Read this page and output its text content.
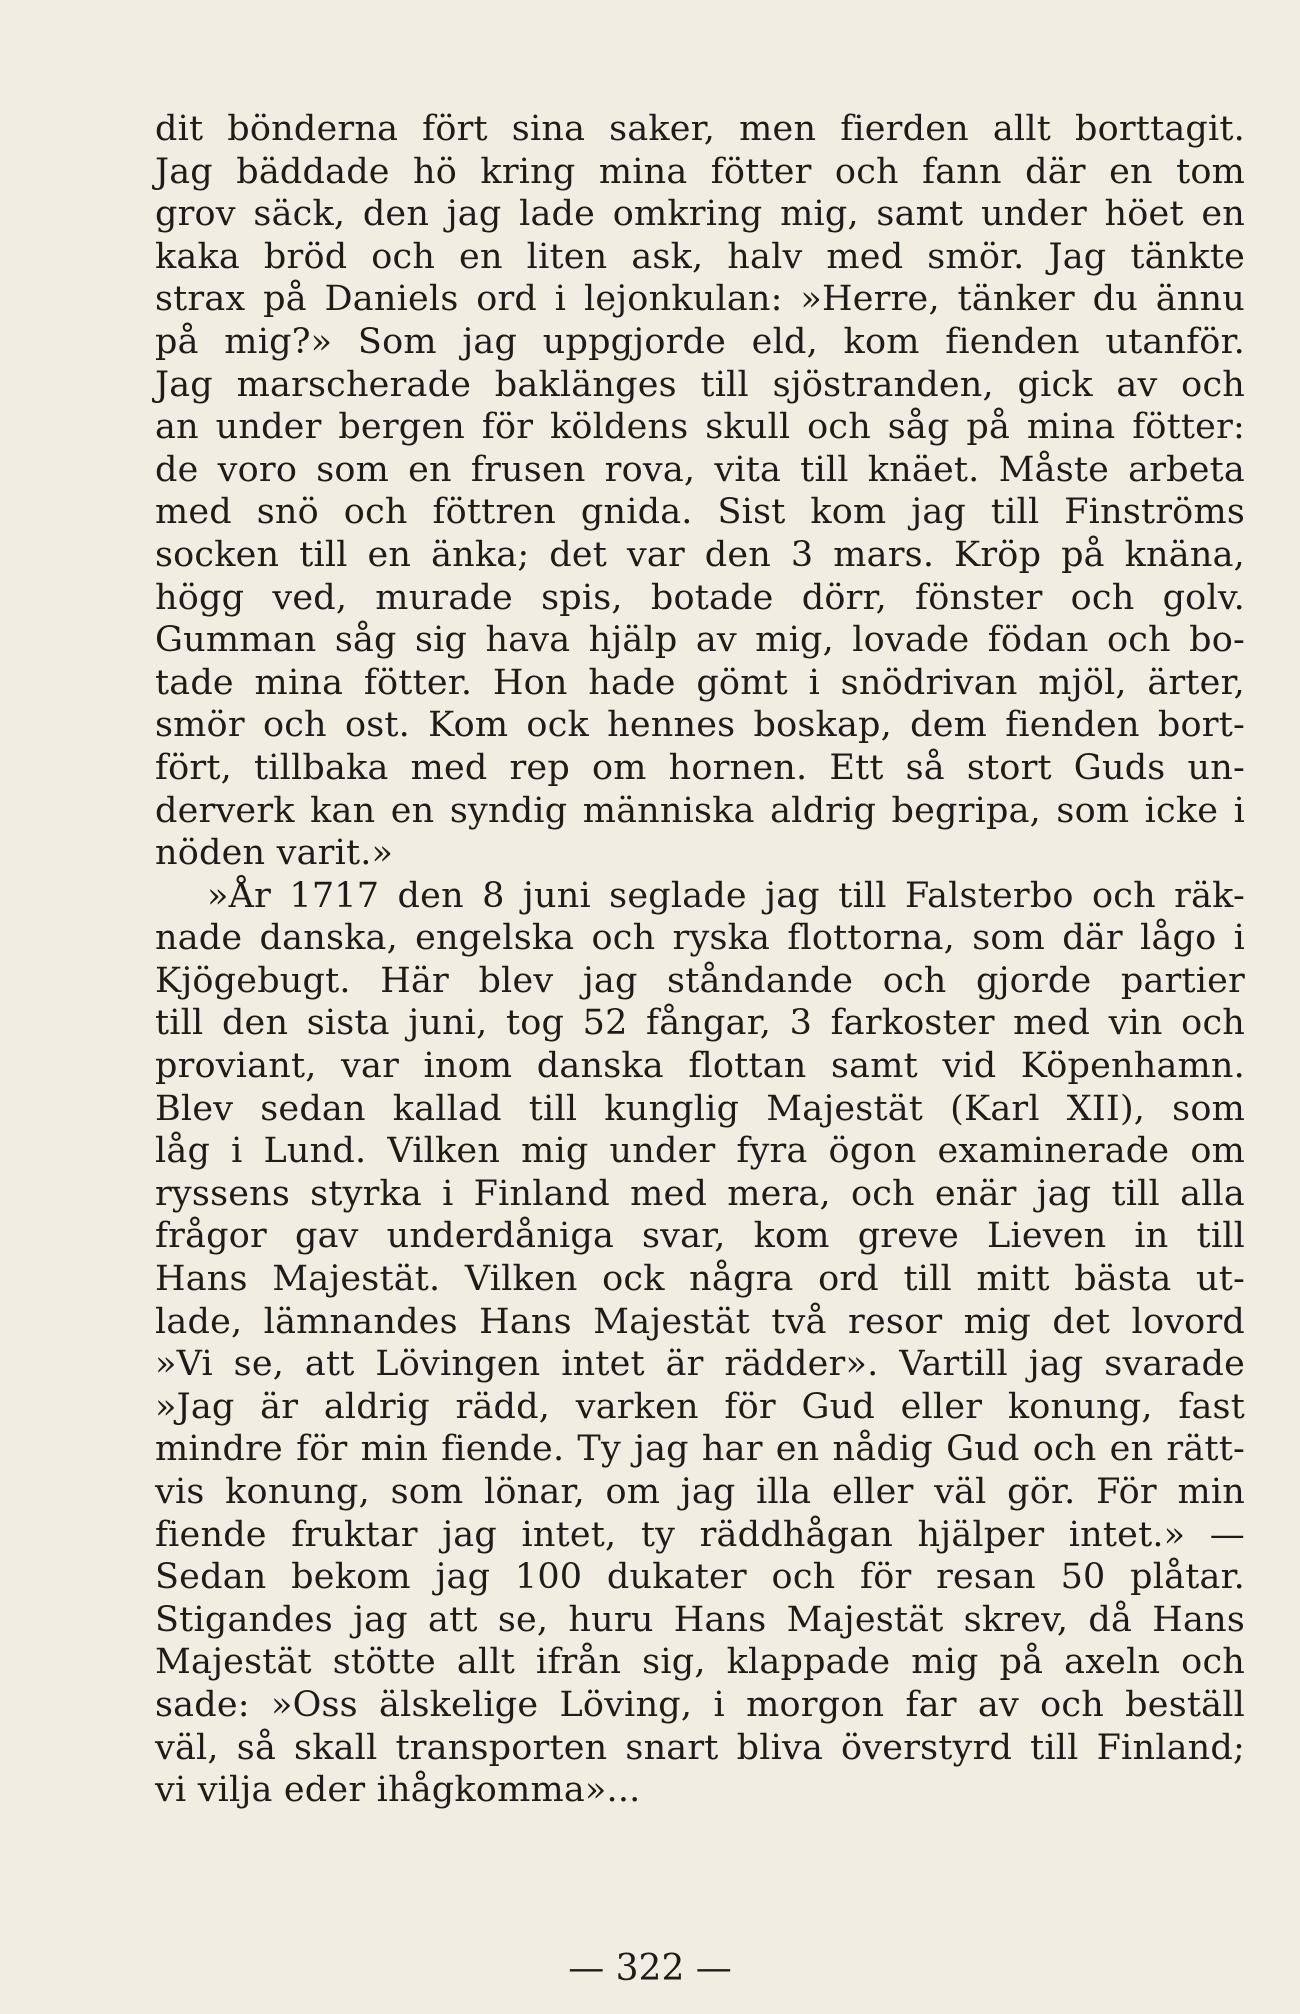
dit bönderna fört sina saker, men fierden allt borttagit.
Jag bäddade hö kring mina fötter och fann där en tom
grov säck, den jag lade omkring mig, samt under höet en
kaka bröd och en liten ask, halv med smör. Jag tänkte
strax på Daniels ord i lejonkulan: »Herre, tänker du ännu
på mig?» Som jag uppgjorde eld, kom fienden utanför.
Jag marscherade baklänges till sjöstranden, gick av och
an under bergen för köldens skull och såg på mina fötter:
de voro som en frusen rova, vita till knäet. Måste arbeta
med snö och föttren gnida. Sist kom jag till Finströms
socken till en änka; det var den 3 mars. Kröp på knäna,
högg ved, murade spis, botade dörr, fönster och golv.
Gumman såg sig hava hjälp av mig, lovade födan och bo-
tade mina fötter. Hon hade gömt i snödrivan mjöl, ärter,
smör och ost. Kom ock hennes boskap, dem fienden bort-
fört, tillbaka med rep om hornen. Ett så stort Guds un-
derverk kan en syndig människa aldrig begripa, som icke i
nöden varit.»
»År 1717 den 8 juni seglade jag till Falsterbo och räk-
nade danska, engelska och ryska flottorna, som där lågo i
Kjögebugt. Här blev jag ståndande och gjorde partier
till den sista juni, tog 52 fångar, 3 farkoster med vin och
proviant, var inom danska flottan samt vid Köpenhamn.
Blev sedan kallad till kunglig Majestät (Karl XII), som
låg i Lund. Vilken mig under fyra ögon examinerade om
ryssens styrka i Finland med mera, och enär jag till alla
frågor gav underdåniga svar, kom greve Lieven in till
Hans Majestät. Vilken ock några ord till mitt bästa ut-
lade, lämnandes Hans Majestät två resor mig det lovord
»Vi se, att Lövingen intet är rädder». Vartill jag svarade
»Jag är aldrig rädd, varken för Gud eller konung, fast
mindre för min fiende. Ty jag har en nådig Gud och en rätt-
vis konung, som lönar, om jag illa eller väl gör. För min
fiende fruktar jag intet, ty räddhågan hjälper intet.» —
Sedan bekom jag 100 dukater och för resan 50 plåtar.
Stigandes jag att se, huru Hans Majestät skrev, då Hans
Majestät stötte allt ifrån sig, klappade mig på axeln och
sade: »Oss älskelige Löving, i morgon far av och beställ
väl, så skall transporten snart bliva överstyrd till Finland;
vi vilja eder ihågkomma»...
— 322 —
